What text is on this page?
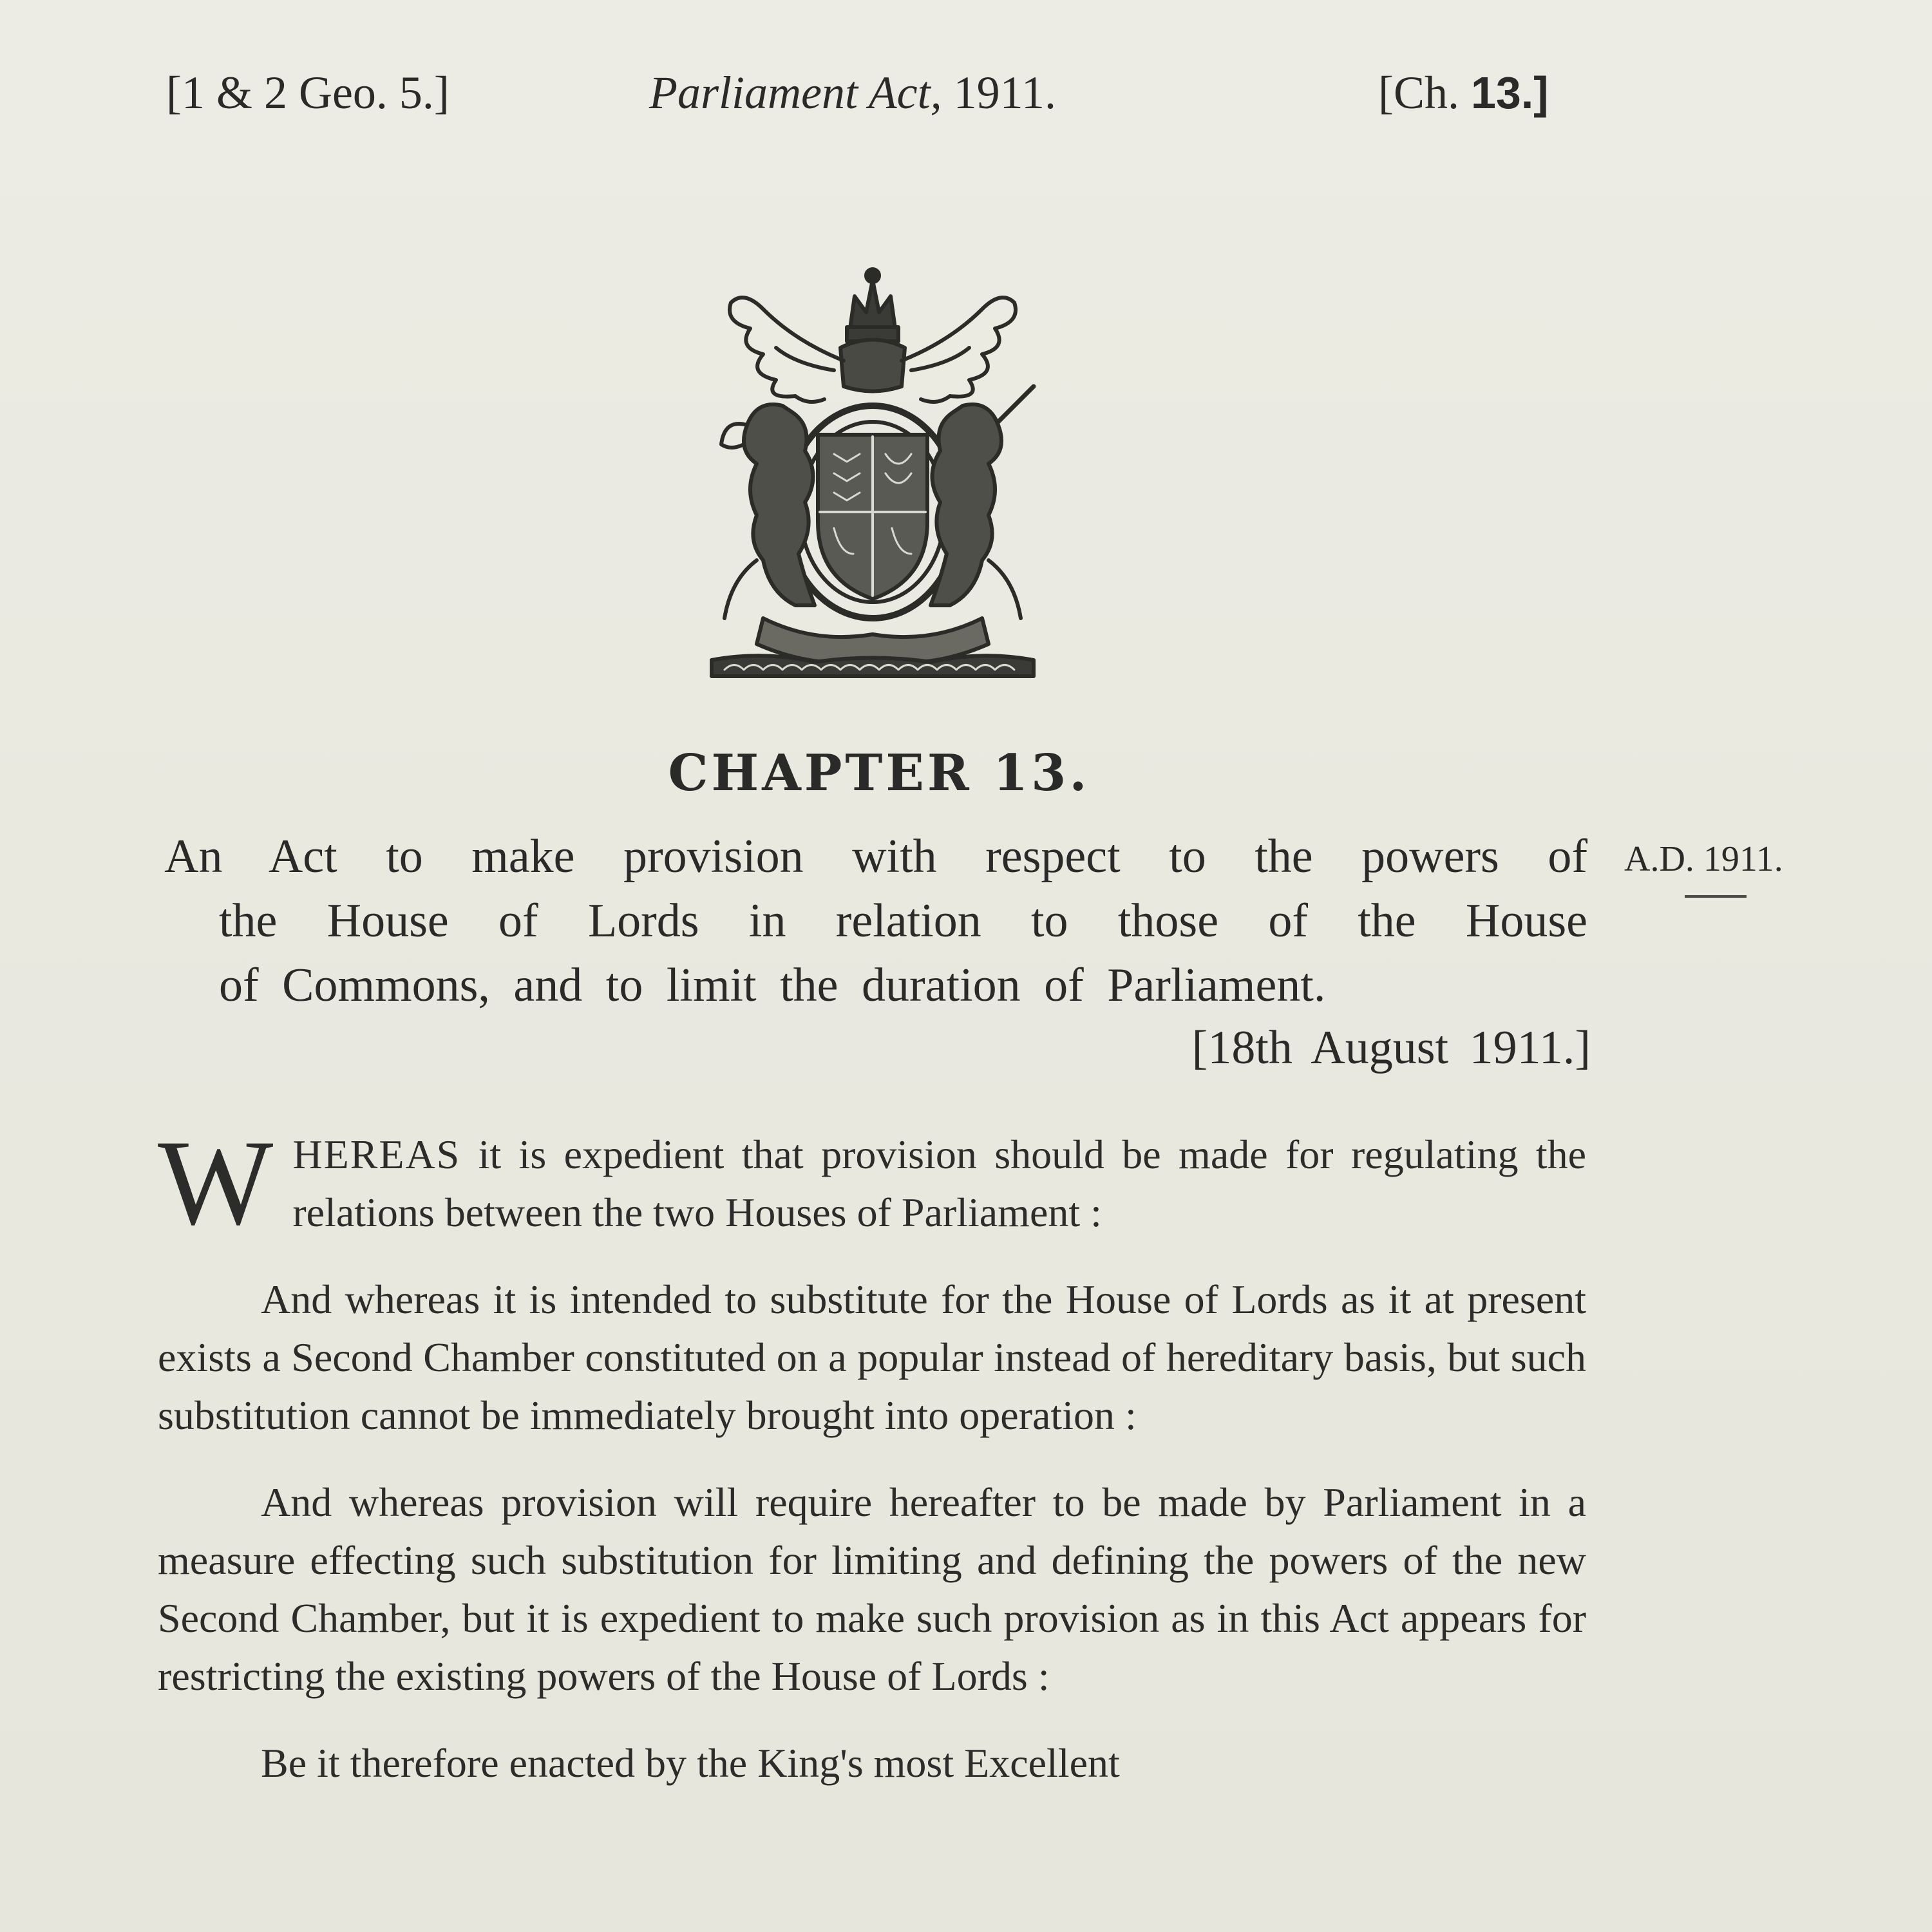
[1 & 2 Geo. 5.]	Parliament Act, 1911.	[Ch. 13.]
CHAPTER 13.
An Act to make provision with respect to the powers of
the House of Lords in relation to those of the House
of Commons, and to limit the duration of Parliament.
[18th August 1911.]
A.D. 1911.

WHEREAS it is expedient that provision should be made for regulating the relations between the two Houses of Parliament :

And whereas it is intended to substitute for the House of Lords as it at present exists a Second Chamber constituted on a popular instead of hereditary basis, but such substitution cannot be immediately brought into operation :

And whereas provision will require hereafter to be made by Parliament in a measure effecting such substitution for limiting and defining the powers of the new Second Chamber, but it is expedient to make such provision as in this Act appears for restricting the existing powers of the House of Lords :

Be it therefore enacted by the King's most Excellent
